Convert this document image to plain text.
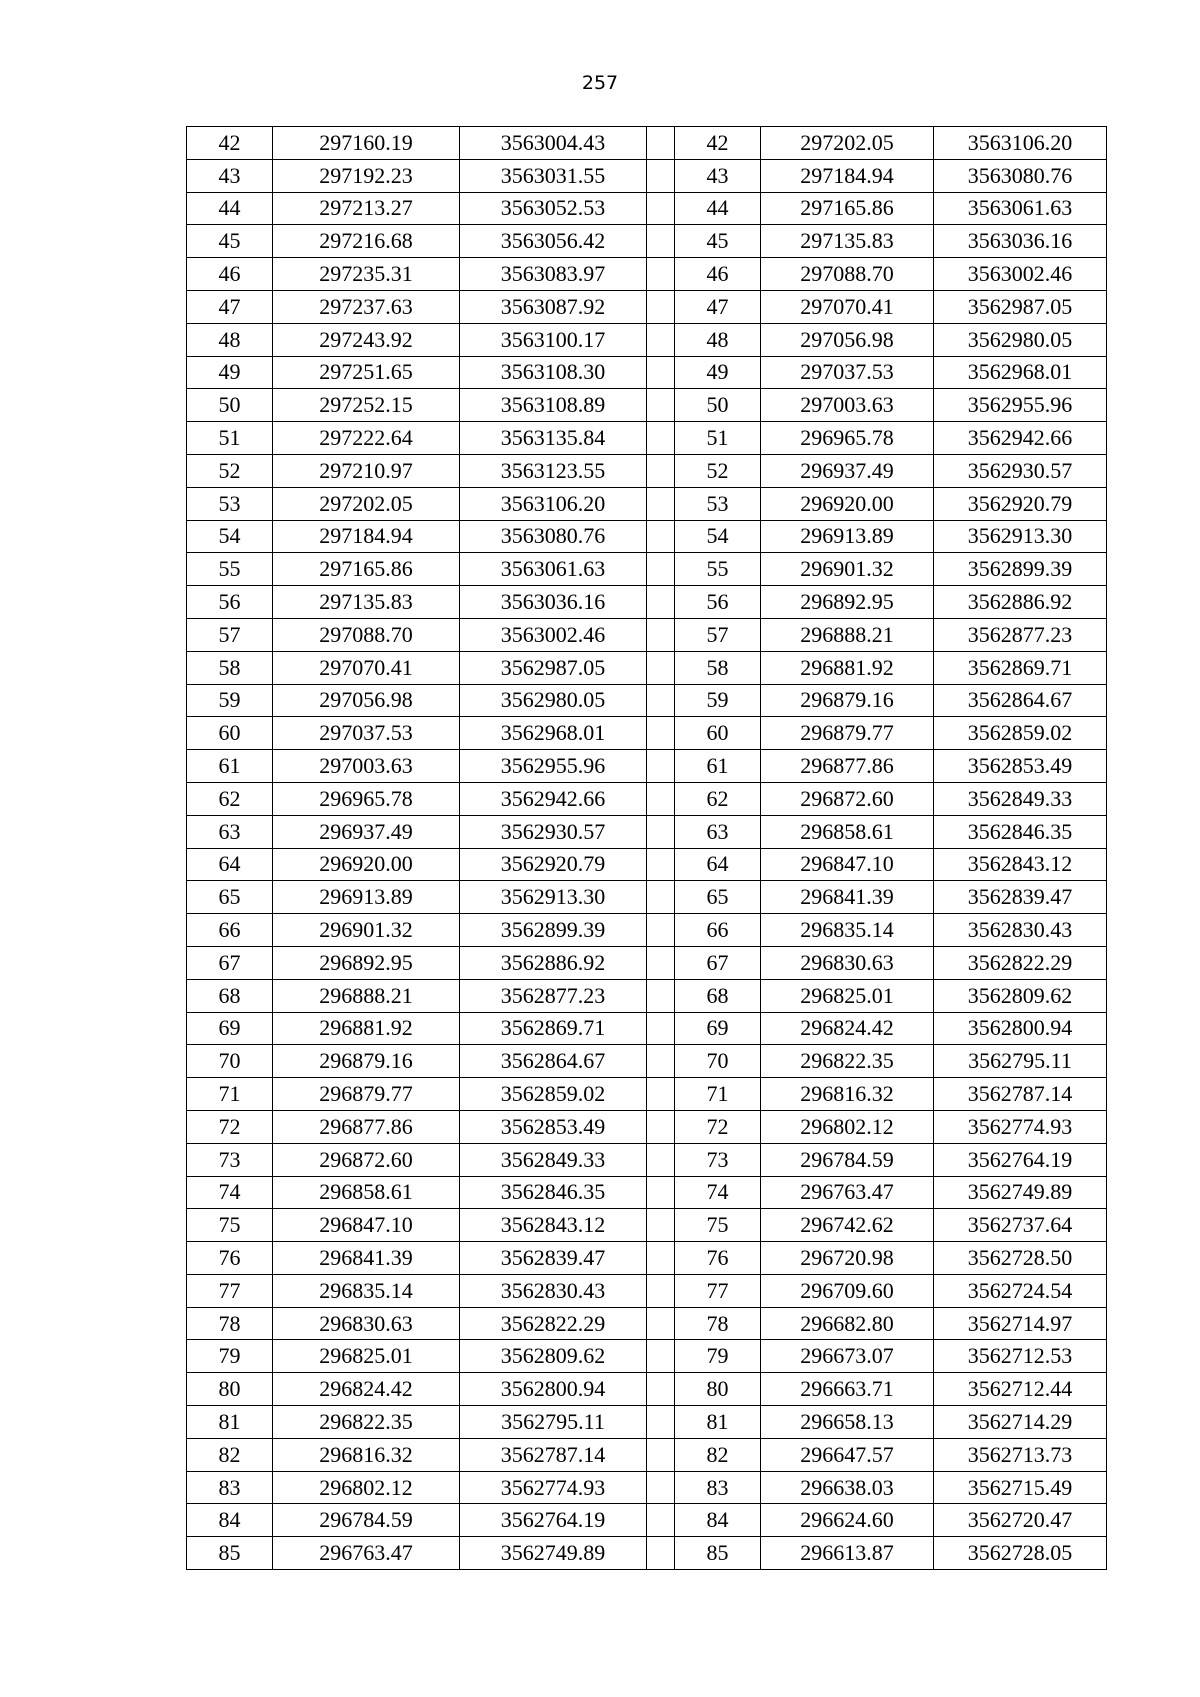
257
42	297160.19	3563004.43		42	297202.05	3563106.20
43	297192.23	3563031.55		43	297184.94	3563080.76
44	297213.27	3563052.53		44	297165.86	3563061.63
45	297216.68	3563056.42		45	297135.83	3563036.16
46	297235.31	3563083.97		46	297088.70	3563002.46
47	297237.63	3563087.92		47	297070.41	3562987.05
48	297243.92	3563100.17		48	297056.98	3562980.05
49	297251.65	3563108.30		49	297037.53	3562968.01
50	297252.15	3563108.89		50	297003.63	3562955.96
51	297222.64	3563135.84		51	296965.78	3562942.66
52	297210.97	3563123.55		52	296937.49	3562930.57
53	297202.05	3563106.20		53	296920.00	3562920.79
54	297184.94	3563080.76		54	296913.89	3562913.30
55	297165.86	3563061.63		55	296901.32	3562899.39
56	297135.83	3563036.16		56	296892.95	3562886.92
57	297088.70	3563002.46		57	296888.21	3562877.23
58	297070.41	3562987.05		58	296881.92	3562869.71
59	297056.98	3562980.05		59	296879.16	3562864.67
60	297037.53	3562968.01		60	296879.77	3562859.02
61	297003.63	3562955.96		61	296877.86	3562853.49
62	296965.78	3562942.66		62	296872.60	3562849.33
63	296937.49	3562930.57		63	296858.61	3562846.35
64	296920.00	3562920.79		64	296847.10	3562843.12
65	296913.89	3562913.30		65	296841.39	3562839.47
66	296901.32	3562899.39		66	296835.14	3562830.43
67	296892.95	3562886.92		67	296830.63	3562822.29
68	296888.21	3562877.23		68	296825.01	3562809.62
69	296881.92	3562869.71		69	296824.42	3562800.94
70	296879.16	3562864.67		70	296822.35	3562795.11
71	296879.77	3562859.02		71	296816.32	3562787.14
72	296877.86	3562853.49		72	296802.12	3562774.93
73	296872.60	3562849.33		73	296784.59	3562764.19
74	296858.61	3562846.35		74	296763.47	3562749.89
75	296847.10	3562843.12		75	296742.62	3562737.64
76	296841.39	3562839.47		76	296720.98	3562728.50
77	296835.14	3562830.43		77	296709.60	3562724.54
78	296830.63	3562822.29		78	296682.80	3562714.97
79	296825.01	3562809.62		79	296673.07	3562712.53
80	296824.42	3562800.94		80	296663.71	3562712.44
81	296822.35	3562795.11		81	296658.13	3562714.29
82	296816.32	3562787.14		82	296647.57	3562713.73
83	296802.12	3562774.93		83	296638.03	3562715.49
84	296784.59	3562764.19		84	296624.60	3562720.47
85	296763.47	3562749.89		85	296613.87	3562728.05
